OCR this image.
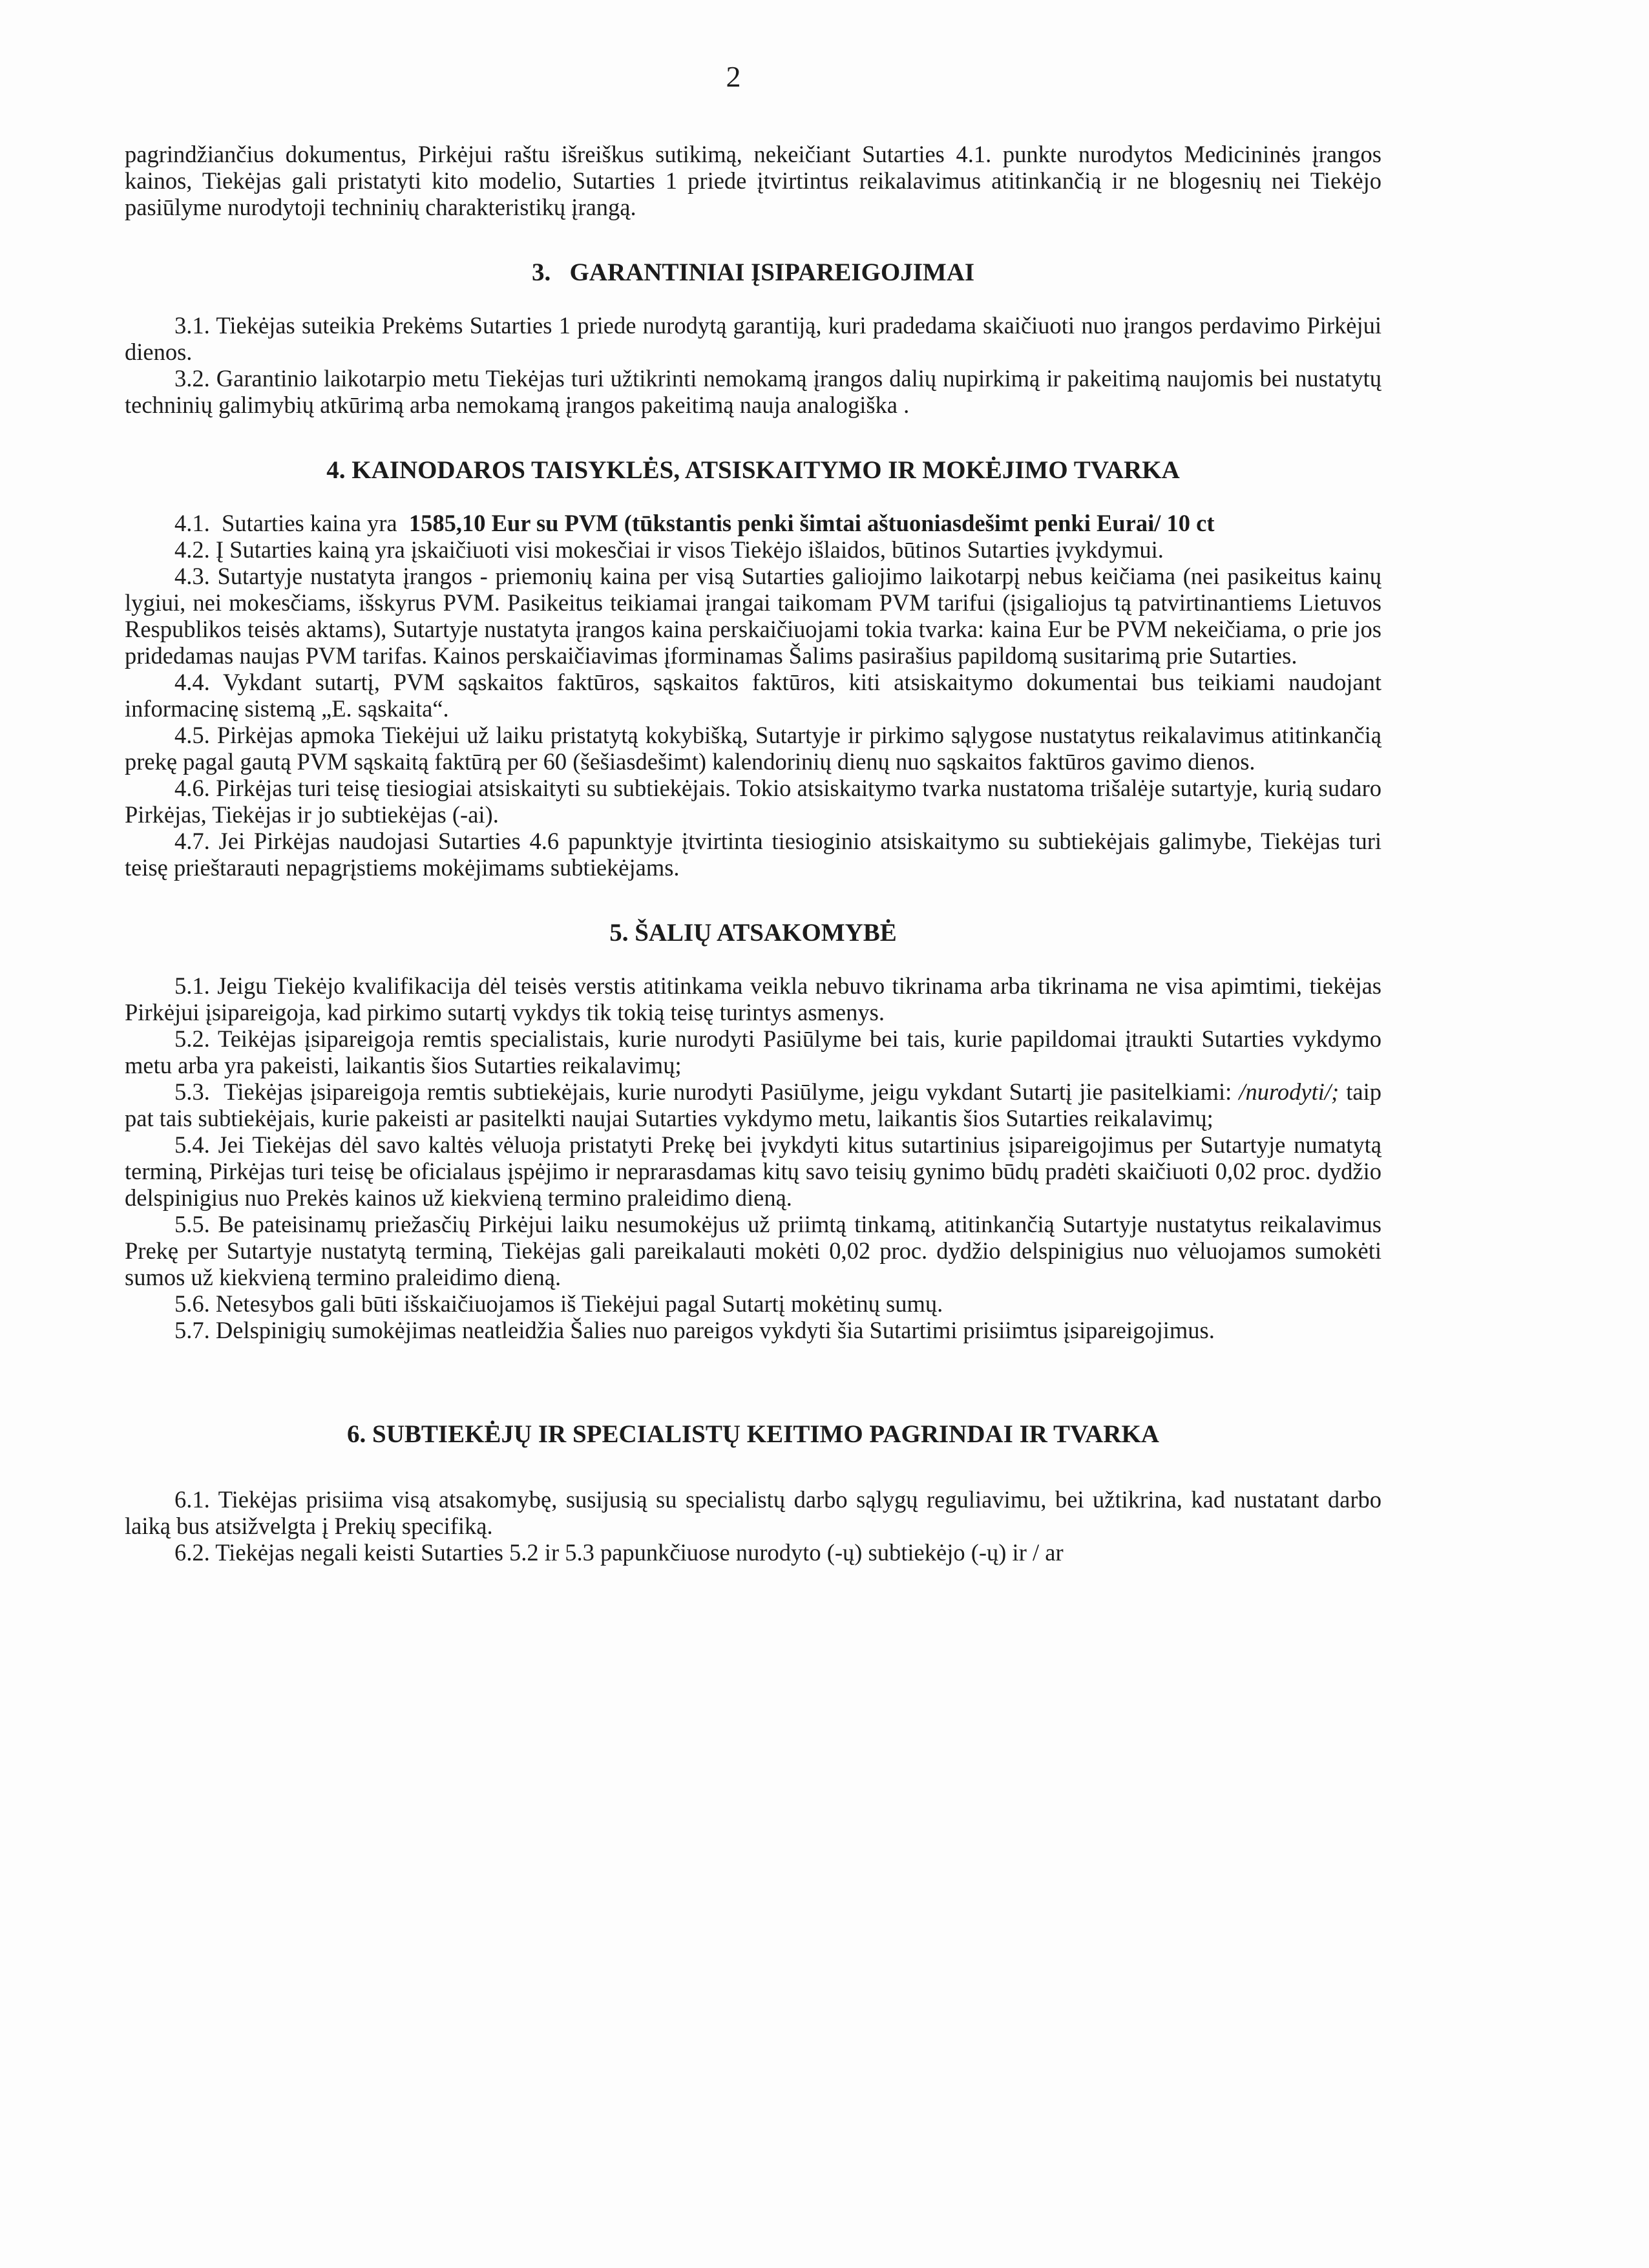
2

pagrindžiančius dokumentus, Pirkėjui raštu išreiškus sutikimą, nekeičiant Sutarties 4.1. punkte nurodytos Medicininės įrangos kainos, Tiekėjas gali pristatyti kito modelio, Sutarties 1 priede įtvirtintus reikalavimus atitinkančią ir ne blogesnių nei Tiekėjo pasiūlyme nurodytoji techninių charakteristikų įrangą.

3.   GARANTINIAI ĮSIPAREIGOJIMAI

3.1. Tiekėjas suteikia Prekėms Sutarties 1 priede nurodytą garantiją, kuri pradedama skaičiuoti nuo įrangos perdavimo Pirkėjui dienos.

3.2. Garantinio laikotarpio metu Tiekėjas turi užtikrinti nemokamą įrangos dalių nupirkimą ir pakeitimą naujomis bei nustatytų techninių galimybių atkūrimą arba nemokamą įrangos pakeitimą nauja analogiška .

4. KAINODAROS TAISYKLĖS, ATSISKAITYMO IR MOKĖJIMO TVARKA

4.1.  Sutarties kaina yra  1585,10 Eur su PVM (tūkstantis penki šimtai aštuoniasdešimt penki Eurai/ 10 ct

4.2. Į Sutarties kainą yra įskaičiuoti visi mokesčiai ir visos Tiekėjo išlaidos, būtinos Sutarties įvykdymui.

4.3. Sutartyje nustatyta įrangos - priemonių kaina per visą Sutarties galiojimo laikotarpį nebus keičiama (nei pasikeitus kainų lygiui, nei mokesčiams, išskyrus PVM. Pasikeitus teikiamai įrangai taikomam PVM tarifui (įsigaliojus tą patvirtinantiems Lietuvos Respublikos teisės aktams), Sutartyje nustatyta įrangos kaina perskaičiuojami tokia tvarka: kaina Eur be PVM nekeičiama, o prie jos pridedamas naujas PVM tarifas. Kainos perskaičiavimas įforminamas Šalims pasirašius papildomą susitarimą prie Sutarties.

4.4. Vykdant sutartį, PVM sąskaitos faktūros, sąskaitos faktūros, kiti atsiskaitymo dokumentai bus teikiami naudojant informacinę sistemą „E. sąskaita“.

4.5. Pirkėjas apmoka Tiekėjui už laiku pristatytą kokybišką, Sutartyje ir pirkimo sąlygose nustatytus reikalavimus atitinkančią prekę pagal gautą PVM sąskaitą faktūrą per 60 (šešiasdešimt) kalendorinių dienų nuo sąskaitos faktūros gavimo dienos.

4.6. Pirkėjas turi teisę tiesiogiai atsiskaityti su subtiekėjais. Tokio atsiskaitymo tvarka nustatoma trišalėje sutartyje, kurią sudaro Pirkėjas, Tiekėjas ir jo subtiekėjas (-ai).

4.7. Jei Pirkėjas naudojasi Sutarties 4.6 papunktyje įtvirtinta tiesioginio atsiskaitymo su subtiekėjais galimybe, Tiekėjas turi teisę prieštarauti nepagrįstiems mokėjimams subtiekėjams.

5. ŠALIŲ ATSAKOMYBĖ

5.1. Jeigu Tiekėjo kvalifikacija dėl teisės verstis atitinkama veikla nebuvo tikrinama arba tikrinama ne visa apimtimi, tiekėjas Pirkėjui įsipareigoja, kad pirkimo sutartį vykdys tik tokią teisę turintys asmenys.

5.2. Teikėjas įsipareigoja remtis specialistais, kurie nurodyti Pasiūlyme bei tais, kurie papildomai įtraukti Sutarties vykdymo metu arba yra pakeisti, laikantis šios Sutarties reikalavimų;

5.3.  Tiekėjas įsipareigoja remtis subtiekėjais, kurie nurodyti Pasiūlyme, jeigu vykdant Sutartį jie pasitelkiami: /nurodyti/; taip pat tais subtiekėjais, kurie pakeisti ar pasitelkti naujai Sutarties vykdymo metu, laikantis šios Sutarties reikalavimų;

5.4. Jei Tiekėjas dėl savo kaltės vėluoja pristatyti Prekę bei įvykdyti kitus sutartinius įsipareigojimus per Sutartyje numatytą terminą, Pirkėjas turi teisę be oficialaus įspėjimo ir neprarasdamas kitų savo teisių gynimo būdų pradėti skaičiuoti 0,02 proc. dydžio delspinigius nuo Prekės kainos už kiekvieną termino praleidimo dieną.

5.5. Be pateisinamų priežasčių Pirkėjui laiku nesumokėjus už priimtą tinkamą, atitinkančią Sutartyje nustatytus reikalavimus Prekę per Sutartyje nustatytą terminą, Tiekėjas gali pareikalauti mokėti 0,02 proc. dydžio delspinigius nuo vėluojamos sumokėti sumos už kiekvieną termino praleidimo dieną.

5.6. Netesybos gali būti išskaičiuojamos iš Tiekėjui pagal Sutartį mokėtinų sumų.

5.7. Delspinigių sumokėjimas neatleidžia Šalies nuo pareigos vykdyti šia Sutartimi prisiimtus įsipareigojimus.

6. SUBTIEKĖJŲ IR SPECIALISTŲ KEITIMO PAGRINDAI IR TVARKA

6.1. Tiekėjas prisiima visą atsakomybę, susijusią su specialistų darbo sąlygų reguliavimu, bei užtikrina, kad nustatant darbo laiką bus atsižvelgta į Prekių specifiką.

6.2. Tiekėjas negali keisti Sutarties 5.2 ir 5.3 papunkčiuose nurodyto (-ų) subtiekėjo (-ų) ir / ar
